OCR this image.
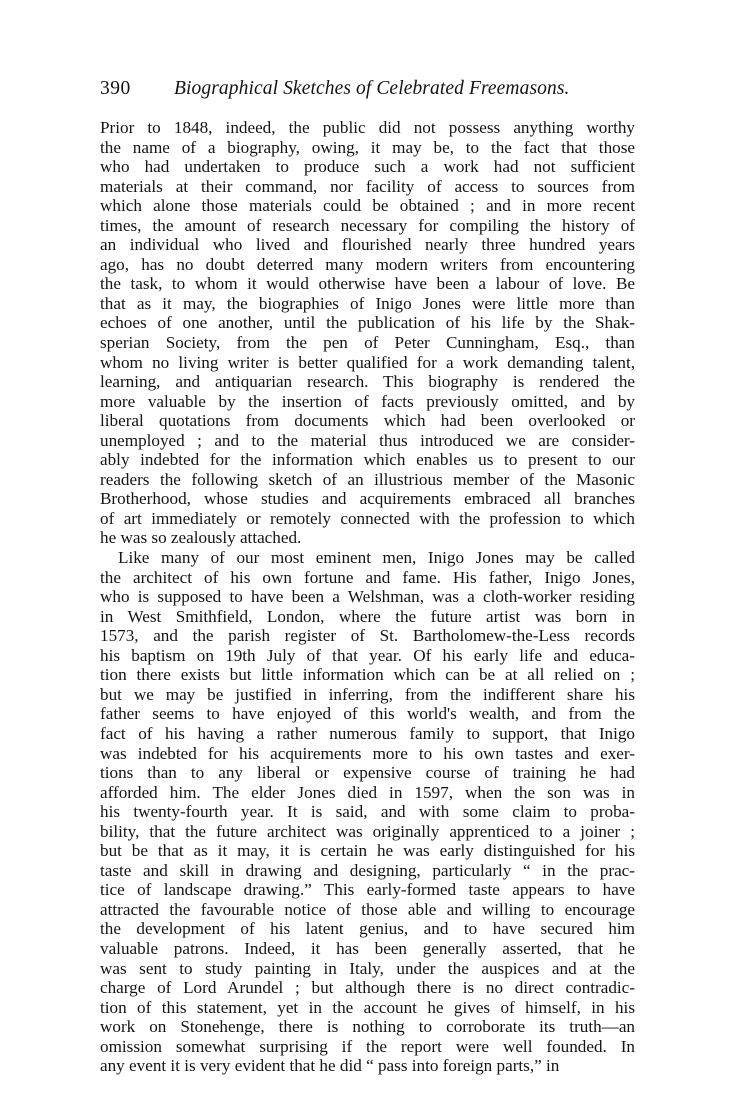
390 Biographical Sketches of Celebrated Freemasons.
Prior to 1848, indeed, the public did not possess anything worthy
the name of a biography, owing, it may be, to the fact that those
who had undertaken to produce such a work had not sufficient
materials at their command, nor facility of access to sources from
which alone those materials could be obtained ; and in more recent
times, the amount of research necessary for compiling the history of
an individual who lived and flourished nearly three hundred years
ago, has no doubt deterred many modern writers from encountering
the task, to whom it would otherwise have been a labour of love. Be
that as it may, the biographies of Inigo Jones were little more than
echoes of one another, until the publication of his life by the Shak-
sperian Society, from the pen of Peter Cunningham, Esq., than
whom no living writer is better qualified for a work demanding talent,
learning, and antiquarian research. This biography is rendered the
more valuable by the insertion of facts previously omitted, and by
liberal quotations from documents which had been overlooked or
unemployed ; and to the material thus introduced we are consider-
ably indebted for the information which enables us to present to our
readers the following sketch of an illustrious member of the Masonic
Brotherhood, whose studies and acquirements embraced all branches
of art immediately or remotely connected with the profession to which
he was so zealously attached.
Like many of our most eminent men, Inigo Jones may be called
the architect of his own fortune and fame. His father, Inigo Jones,
who is supposed to have been a Welshman, was a cloth-worker residing
in West Smithfield, London, where the future artist was born in
1573, and the parish register of St. Bartholomew-the-Less records
his baptism on 19th July of that year. Of his early life and educa-
tion there exists but little information which can be at all relied on ;
but we may be justified in inferring, from the indifferent share his
father seems to have enjoyed of this world's wealth, and from the
fact of his having a rather numerous family to support, that Inigo
was indebted for his acquirements more to his own tastes and exer-
tions than to any liberal or expensive course of training he had
afforded him. The elder Jones died in 1597, when the son was in
his twenty-fourth year. It is said, and with some claim to proba-
bility, that the future architect was originally apprenticed to a joiner ;
but be that as it may, it is certain he was early distinguished for his
taste and skill in drawing and designing, particularly “ in the prac-
tice of landscape drawing.” This early-formed taste appears to have
attracted the favourable notice of those able and willing to encourage
the development of his latent genius, and to have secured him
valuable patrons. Indeed, it has been generally asserted, that he
was sent to study painting in Italy, under the auspices and at the
charge of Lord Arundel ; but although there is no direct contradic-
tion of this statement, yet in the account he gives of himself, in his
work on Stonehenge, there is nothing to corroborate its truth—an
omission somewhat surprising if the report were well founded. In
any event it is very evident that he did “ pass into foreign parts,” in
